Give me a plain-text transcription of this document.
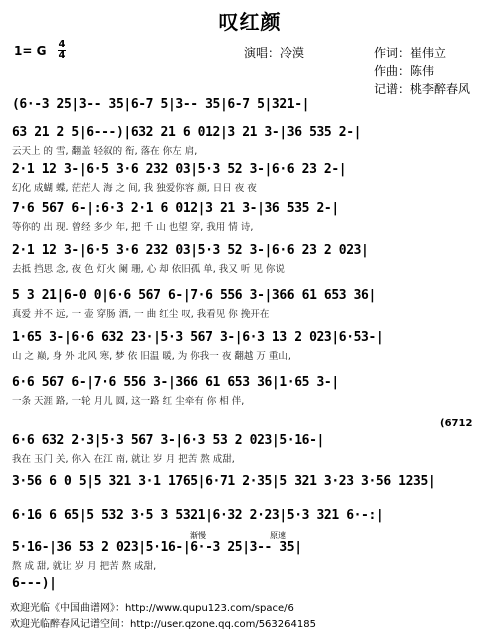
叹红颜
1= G 4
4	演唱：冷漠	作词：崔伟立
作曲：陈伟
记谱：桃李醉春风
(6·-3 25|3-- 35|6-7 5|3-- 35|6-7 5|321-|
63 21 2 5|6---)|632 21 6 012|3 21 3-|36 535 2-|
云天上 的 雪, 翻盖 轻叙的 衔, 落在 你左 肩,
2·1 12 3-|6·5 3·6 232 03|5·3 52 3-|6·6 23 2-|
幻化 成蝴 蝶, 茫茫人 海 之 间, 我 独爱你容 颜, 日日 夜 夜
7·6 567 6-|:6·3 2·1 6 012|3 21 3-|36 535 2-|
等你的 出 现. 曾经 多少 年, 把 千 山 也望 穿, 我用 情 诗,
2·1 12 3-|6·5 3·6 232 03|5·3 52 3-|6·6 23 2 023|
去抵 挡思 念, 夜 色 灯火 阑 珊, 心 却 依旧孤 单, 我又 听 见 你说
5 3 21|6-0 0|6·6 567 6-|7·6 556 3-|366 61 653 36|
真爱 并不 远, 一 壶 穿肠 酒, 一 曲 红尘 叹, 我看见 你 挽开在
1·65 3-|6·6 632 23·|5·3 567 3-|6·3 13 2 023|6·53-|
山 之 巅, 身 外 北风 寒, 梦 依 旧温 暖, 为 你我一 夜 翻越 万 重山,
6·6 567 6-|7·6 556 3-|366 61 653 36|1·65 3-|
一条 天涯 路, 一轮 月儿 圆, 这一路 红 尘牵有 你 相 伴,
(6712
6·6 632 2·3|5·3 567 3-|6·3 53 2 023|5·16-|
我在 玉门 关, 你入 在江 南, 就让 岁 月 把苦 熬 成甜,
3·56 6 0 5|5 321 3·1 1765|6·71 2·35|5 321 3·23 3·56 1235|
6·16 6 65|5 532 3·5 3 5321|6·32 2·23|5·3 321 6·-:|
渐慢	原速
5·16-|36 53 2 023|5·16-|6·-3 25|3-- 35|
熬 成 甜, 就让 岁 月 把苦 熬 成甜,
6---)|
欢迎光临《中国曲谱网》：http://www.qupu123.com/space/6
欢迎光临醉春风记谱空间：http://user.qzone.qq.com/563264185
